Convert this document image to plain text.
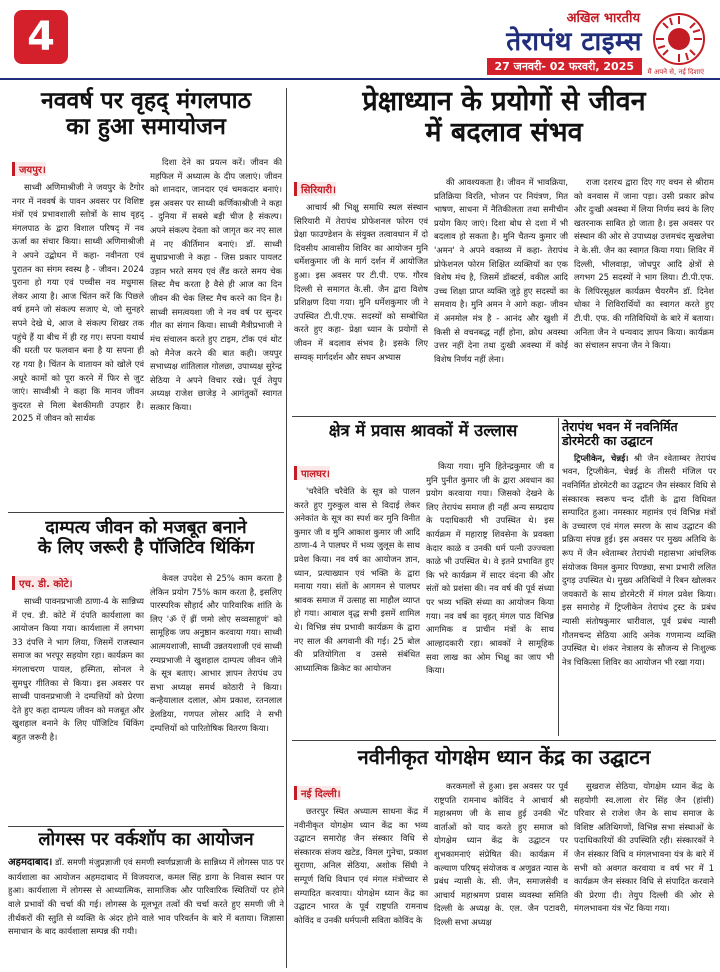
4	अखिल भारतीय
तेरापंथ टाइम्स
27 जनवरी- 02 फरवरी, 2025	मैं अपने से, नई दिशाएं
नववर्ष पर वृहद् मंगलपाठ
का हुआ समायोजन
जयपुर।

साध्वी अणिमाश्रीजी ने जयपुर के टैगोर नगर में नववर्ष के पावन अवसर पर विशिष्ट मंत्रों एवं प्रभावशाली स्तोत्रों के साथ वृहद् मंगलपाठ के द्वारा विशाल परिषद् में नव ऊर्जा का संचार किया। साध्वी अणिमाश्रीजी ने अपने उद्बोधन में कहा- नवीनता एवं पुरातन का संगम स्वस्थ है - जीवन। 2024 पुराना हो गया एवं पच्चीस नव मधुमास लेकर आया है। आज चिंतन करें कि पिछले वर्ष हमने जो संकल्प सजाए थे, जो सुनहरे सपने देखे थे, आज वे संकल्प शिखर तक पहुंचे हैं या बीच में ही रह गए। सपना यथार्थ की धरती पर फलवान बना है या सपना ही रह गया है। चिंतन के वातायन को खोले एवं अधूरे कामों को पूरा करने में फिर से जुट जाएं। साध्वीश्री ने कहा कि मानव जीवन कुदरत से मिला बेशकीमती उपहार है। 2025 में जीवन को सार्थक

दिशा देने का प्रयत्न करें। जीवन की महफिल में अध्यात्म के दीप जलाएं। जीवन को शानदार, जानदार एवं चमकदार बनाएं। इस अवसर पर साध्वी कर्णिकाश्रीजी ने कहा - दुनिया में सबसे बड़ी चीज है संकल्प। अपने संकल्प देवता को जागृत कर नए साल में नए कीर्तिमान बनाएं। डॉ. साध्वी सुधाप्रभाजी ने कहा - जिस प्रकार पायलट उड़ान भरते समय एवं लैंड करते समय चेक लिस्ट मैच करता है वैसे ही आज का दिन जीवन की चेक लिस्ट मैच करने का दिन है। साध्वी समत्वयशा जी ने नव वर्ष पर सुन्दर गीत का संगान किया। साध्वी मैत्रीप्रभाजी ने मंच संचालन करते हुए टाइम, टॉक एवं थोट को मैनेज करने की बात कही। जयपुर सभाध्यक्ष शांतिलाल गोलछा, उपाध्यक्ष सुरेन्द्र सेठिया ने अपने विचार रखे। पूर्व तेयुप अध्यक्ष राजेश छाजेड़ ने आगंतुकों स्वागत सत्कार किया।

दाम्पत्य जीवन को मजबूत बनाने
के लिए जरूरी है पॉजिटिव थिंकिंग
एच. डी. कोटे।

साध्वी पावनप्रभाजी ठाणा-4 के सान्निध्य में एच. डी. कोटे में दंपति कार्यशाला का आयोजन किया गया। कार्यशाला में लगभग 33 दंपत्ति ने भाग लिया, जिसमें राजस्थान समाज का भरपूर सहयोग रहा। कार्यक्रम का मंगलाचरण पायल, हस्मिता, सोनल ने सुमधुर गीतिका से किया। इस अवसर पर साध्वी पावनप्रभाजी ने दम्पत्तियों को प्रेरणा देते हुए कहा दाम्पत्य जीवन को मजबूत और खुशहाल बनाने के लिए पॉजिटिव थिंकिंग बहुत जरूरी है।

केवल उपदेश से 25% काम करता है लेकिन प्रयोग 75% काम करता है, इसलिए पारस्परिक सौहार्द और पारिवारिक शांति के लिए 'ॐ ऐं ह्रीं णमो लोए सव्वसाहूणं' को सामूहिक जप अनुष्ठान करवाया गया। साध्वी आत्मयशाजी, साध्वी उन्नतयशाजी एवं साध्वी रम्यप्रभाजी ने खुशहाल दाम्पत्य जीवन जीने के सूत्र बताए। आभार ज्ञापन तेरापंथ उप सभा अध्यक्ष समर्थ कोठारी ने किया। कन्हैयालाल दलाल, ओम प्रकाश, रतनलाल डेलडिया, गणपत लोसर आदि ने सभी दम्पत्तियों को पारितोषिक वितरण किया।

लोगस्स पर वर्कशॉप का आयोजन

अहमदाबाद। डॉ. समणी मंजुप्रज्ञाजी एवं समणी स्वर्णप्रज्ञाजी के सान्निध्य में लोगस्स पाठ पर कार्यशाला का आयोजन अहमदाबाद में विजयराज, कमल सिंह डागा के निवास स्थान पर हुआ। कार्यशाला में लोगस्स से आध्यात्मिक, सामाजिक और पारिवारिक स्थितियों पर होने वाले प्रभावों की चर्चा की गई। लोगस्स के मूलभूत तत्वों की चर्चा करते हुए समणी जी ने तीर्थंकरों की स्तुति से व्यक्ति के अंदर होने वाले भाव परिवर्तन के बारे में बताया। जिज्ञासा समाधान के बाद कार्यशाला सम्पन्न की गयी।

प्रेक्षाध्यान के प्रयोगों से जीवन
में बदलाव संभव
सिरियारी।

आचार्य श्री भिक्षु समाधि स्थल संस्थान सिरियारी में तेरापंथ प्रोफेशनल फोरम एवं प्रेक्षा फाउण्डेशन के संयुक्त तत्वावधान में दो दिवसीय आवासीय शिविर का आयोजन मुनि धर्मेशकुमार जी के मार्ग दर्शन में आयोजित हुआ। इस अवसर पर टी.पी. एफ. गौरव दिल्ली से समागत के.सी. जैन द्वारा विशेष प्रशिक्षण दिया गया। मुनि धर्मेशकुमार जी ने उपस्थित टी.पी.एफ. सदस्यों को सम्बोधित करते हुए कहा- प्रेक्षा ध्यान के प्रयोगों से जीवन में बदलाव संभव है। इसके लिए सम्यक् मार्गदर्शन और सघन अभ्यास

की आवश्यकता है। जीवन में भावक्रिया, प्रतिक्रिया विरति, भोजन पर नियंत्रण, मित भाषण, साधना में नैतिकीलता तथा समीचीन प्रयोग किए जाएं। दिशा बोध से दशा में भी बदलाव हो सकता है। मुनि चैतन्य कुमार जी 'अमन' ने अपने वक्तव्य में कहा- तेरापंथ प्रोफेशनल फोरम शिक्षित व्यक्तियों का एक विशेष मंच है, जिसमें डॉक्टर्स, वकील आदि उच्च शिक्षा प्राप्त व्यक्ति जुड़े हुए सदस्यों का समवाय है। मुनि अमन ने आगे कहा- जीवन में अनमोल मंत्र है - आनंद और खुशी में किसी से वचनबद्ध नहीं होना, क्रोध अवस्था उत्तर नहीं देना तथा दुःखी अवस्था में कोई विशेष निर्णय नहीं लेना।

राजा दशरथ द्वारा दिए गए वचन से श्रीराम को वनवास में जाना पड़ा। उसी प्रकार क्रोध और दुःखी अवस्था में लिया निर्णय स्वयं के लिए खतरनाक साबित हो जाता है। इस अवसर पर संस्थान की ओर से उपाध्यक्ष उत्तमचंद सुखलेचा ने के.सी. जैन का स्वागत किया गया। शिविर में दिल्ली, भीलवाड़ा, जोधपुर आदि क्षेत्रों से लगभग 25 सदस्यों ने भाग लिया। टी.पी.एफ. के लिपिरसूक्षल कार्यक्रम चैयरमैन डॉ. दिनेश धोका ने शिविरार्थियों का स्वागत करते हुए टी.पी. एफ. की गतिविधियों के बारे में बताया। अनिता जैन ने धन्यवाद ज्ञापन किया। कार्यक्रम का संचालन सपना जैन ने किया।

क्षेत्र में प्रवास श्रावकों में उल्लास
पालघर।

'चरैवेति चरैवेति के सूत्र को पालन करते हुए गुरुकुल वास से विदाई लेकर अनेकांत के सूत्र का स्पर्श कर मुनि विनीत कुमार जी व मुनि आकाश कुमार जी आदि ठाणा-4 ने पालघर में भव्य जुलूस के साथ प्रवेश किया। नव वर्ष का आयोजन ज्ञान, ध्यान, प्रत्याख्यान एवं भक्ति के द्वारा मनाया गया। संतों के आगमन से पालघर श्रावक समाज में उत्साह सा माहौल व्याप्त हो गया। आबाल वृद्ध सभी इसमें शामिल थे। विभिन्न संघ प्रभावी कार्यक्रम के द्वारा नए साल की अगवानी की गई। 25 बोल की प्रतियोगिता व उससे संबंधित आध्यात्मिक क्रिकेट का आयोजन

किया गया। मुनि हितेन्द्रकुमार जी व मुनि पुनीत कुमार जी के द्वारा अवधान का प्रयोग करवाया गया। जिसको देखने के लिए तेरापंथ समाज ही नहीं अन्य सम्प्रदाय के पदाधिकारी भी उपस्थित थे। इस कार्यक्रम में महाराष्ट्र शिवसेना के प्रवक्ता केदार काळे व उनकी धर्म पत्नी उज्ज्वला काळे भी उपस्थित थे। वे इतने प्रभावित हुए कि भरे कार्यक्रम में सादर वंदना की और संतों को प्रशंसा की। नव वर्ष की पूर्व संध्या पर भव्य भक्ति संध्या का आयोजन किया गया। नव वर्ष का वृहत् मंगल पाठ विभिन्न आगमिक व प्राचीन मंत्रों के साथ आल्हादकारी रहा। श्रावकों ने सामूहिक सवा लाख का ओम भिक्षु का जाप भी किया।

तेरापंथ भवन में नवनिर्मित
डोरमेटरी का उद्घाटन

ट्रिप्लीकेन, चेन्नई। श्री जैन श्वेताम्बर तेरापंथ भवन, ट्रिप्लीकेन, चेन्नई के तीसरी मंजिल पर नवनिर्मित डोरमेटरी का उद्घाटन जैन संस्कार विधि से संस्कारक स्वरूप चन्द दाँती के द्वारा विधिवत सम्पादित हुआ। नमस्कार महामंत्र एवं विभिन्न मंत्रों के उच्चारण एवं मंगल स्मरण के साथ उद्घाटन की प्रक्रिया संपन्न हुई। इस अवसर पर मुख्य अतिथि के रूप में जैन श्वेताम्बर तेरापंथी महासभा आंचलिक संयोजक विमल कुमार पिण्ड्या, सभा प्रभारी ललित दुगड़ उपस्थित थे। मुख्य अतिथियों ने रिबन खोलकर जयकारों के साथ डोरमेटरी में मंगल प्रवेश किया। इस समारोह में ट्रिप्लीकेन तेरापंथ ट्रस्ट के प्रबंध न्यासी संतोषकुमार धारीवाल, पूर्व प्रबंध न्यासी गौतमचन्द सेठिया आदि अनेक गणमान्य व्यक्ति उपस्थित थे। शंकर नेत्रालय के सौजन्य से निःशुल्क नेत्र चिकित्सा शिविर का आयोजन भी रखा गया।

नवीनीकृत योगक्षेम ध्यान केंद्र का उद्घाटन
नई दिल्ली।

छतरपुर स्थित अध्यात्म साधना केंद्र में नवीनीकृत योगक्षेम ध्यान केंद्र का भव्य उद्घाटन समारोह जैन संस्कार विधि से संस्कारक संजय खटेड, विमल गुनेचा, प्रकाश सुराणा, अनिल सेठिया, अशोक सिंघी ने सम्पूर्ण विधि विधान एवं मंगल मंत्रोच्चार से सम्पादित करवाया। योगक्षेम ध्यान केंद्र का उद्घाटन भारत के पूर्व राष्ट्रपति रामनाथ कोविंद व उनकी धर्मपत्नी सविता कोविंद के

करकमलों से हुआ। इस अवसर पर पूर्व राष्ट्रपति रामनाथ कोविंद ने आचार्य श्री महाश्रमण जी के साथ हुई उनकी भेंट वार्ताओं को याद करते हुए समाज को योगक्षेम ध्यान केंद्र के उद्घाटन पर शुभकामनाएं संप्रेषित की। कार्यक्रम में कल्याण परिषद् संयोजक व अणुव्रत न्यास के प्रबंध न्यासी के. सी. जैन, समाजसेवी व आचार्य महाश्रमण प्रवास व्यवस्था समिति दिल्ली के अध्यक्ष के. एल. जैन पटावरी, दिल्ली सभा अध्यक्ष

सुखराज सेठिया, योगक्षेम ध्यान केंद्र के सहयोगी स्व.लाला शेर सिंह जैन (हांसी) परिवार से राजेश जैन के साथ समाज के विशिष्ट अतिथिगणों, विभिन्न सभा संस्थाओं के पदाधिकारियों की उपस्थिति रही। संस्कारकों ने जैन संस्कार विधि व मंगलभावना यंत्र के बारे में सभी को अवगत करवाया व वर्ष भर में 1 कार्यक्रम जैन संस्कार विधि से संपादित करवाने की प्रेरणा दी। तेयुप दिल्ली की ओर से मंगलभावना यंत्र भेंट किया गया।
